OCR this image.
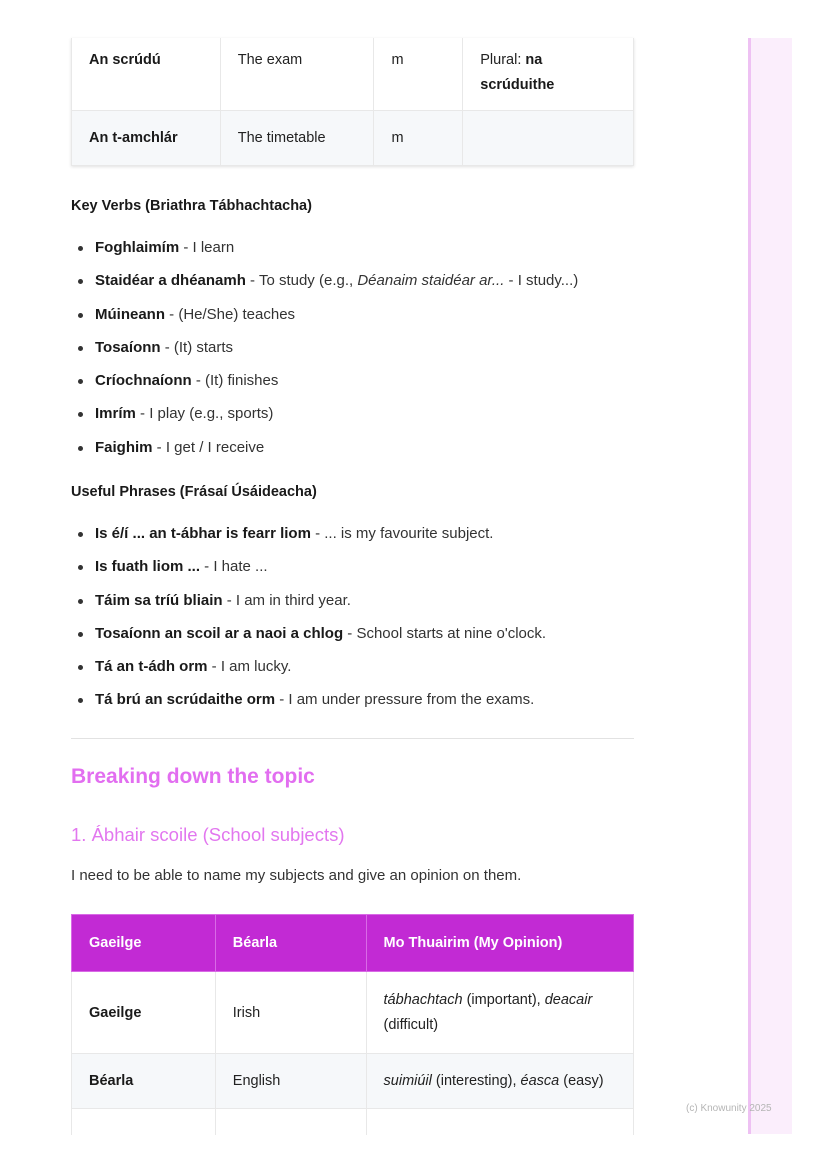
An scrúdú	The exam	m	Plural: na scrúduithe
An t-amchlár	The timetable	m	
Key Verbs (Briathra Tábhachtacha)
Foghlaimím - I learn
Staidéar a dhéanamh - To study (e.g., Déanaim staidéar ar... - I study...)
Múineann - (He/She) teaches
Tosaíonn - (It) starts
Críochnaíonn - (It) finishes
Imrím - I play (e.g., sports)
Faighim - I get / I receive
Useful Phrases (Frásaí Úsáideacha)
Is é/í ... an t-ábhar is fearr liom - ... is my favourite subject.
Is fuath liom ... - I hate ...
Táim sa tríú bliain - I am in third year.
Tosaíonn an scoil ar a naoi a chlog - School starts at nine o'clock.
Tá an t-ádh orm - I am lucky.
Tá brú an scrúdaithe orm - I am under pressure from the exams.
Breaking down the topic
1. Ábhair scoile (School subjects)

I need to be able to name my subjects and give an opinion on them.

Gaeilge	Béarla	Mo Thuairim (My Opinion)
Gaeilge	Irish	tábhachtach (important), deacair (difficult)
Béarla	English	suimiúil (interesting), éasca (easy)

(c) Knowunity 2025
